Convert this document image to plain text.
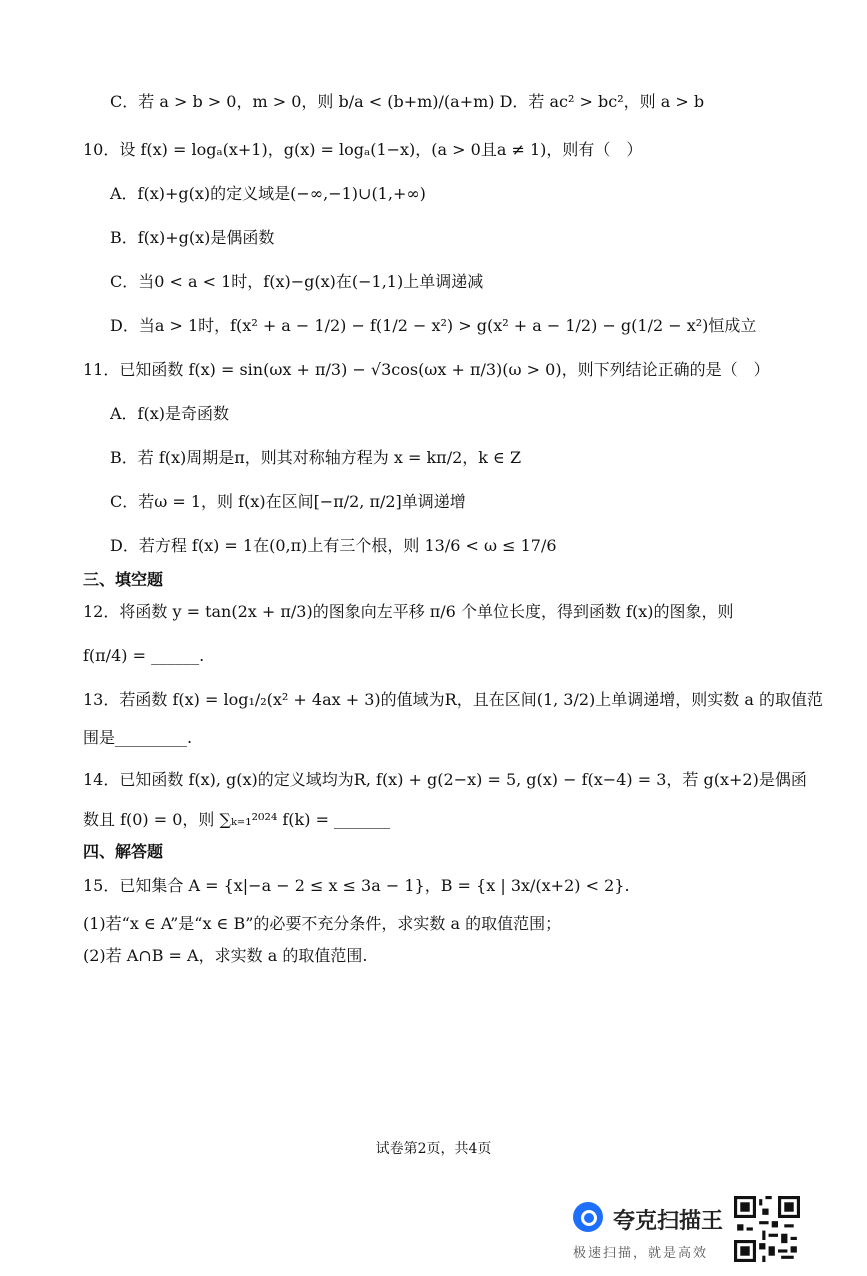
C．若 a > b > 0，m > 0，则 b/a < (b+m)/(a+m) D．若 ac² > bc²，则 a > b
10．设 f(x) = logₐ(x+1)，g(x) = logₐ(1−x)，(a > 0且a ≠ 1)，则有（　）
A．f(x)+g(x)的定义域是(−∞,−1)∪(1,+∞)
B．f(x)+g(x)是偶函数
C．当0 < a < 1时，f(x)−g(x)在(−1,1)上单调递减
D．当a > 1时，f(x² + a − 1/2) − f(1/2 − x²) > g(x² + a − 1/2) − g(1/2 − x²)恒成立
11．已知函数 f(x) = sin(ωx + π/3) − √3cos(ωx + π/3)(ω > 0)，则下列结论正确的是（　）
A．f(x)是奇函数
B．若 f(x)周期是π，则其对称轴方程为 x = kπ/2，k ∈ Z
C．若ω = 1，则 f(x)在区间[−π/2, π/2]单调递增
D．若方程 f(x) = 1在(0,π)上有三个根，则 13/6 < ω ≤ 17/6
三、填空题
12．将函数 y = tan(2x + π/3)的图象向左平移 π/6 个单位长度，得到函数 f(x)的图象，则
f(π/4) = ______.
13．若函数 f(x) = log₁/₂(x² + 4ax + 3)的值域为R，且在区间(1, 3/2)上单调递增，则实数 a 的取值范
围是_________.
14．已知函数 f(x), g(x)的定义域均为R, f(x) + g(2−x) = 5, g(x) − f(x−4) = 3，若 g(x+2)是偶函
数且 f(0) = 0，则 ∑ₖ₌₁²⁰²⁴ f(k) = _______
四、解答题
15．已知集合 A = {x|−a − 2 ≤ x ≤ 3a − 1}，B = {x | 3x/(x+2) < 2}.
(1)若“x ∈ A”是“x ∈ B”的必要不充分条件，求实数 a 的取值范围；
(2)若 A∩B = A，求实数 a 的取值范围.
试卷第2页，共4页
夸克扫描王
极速扫描，就是高效
